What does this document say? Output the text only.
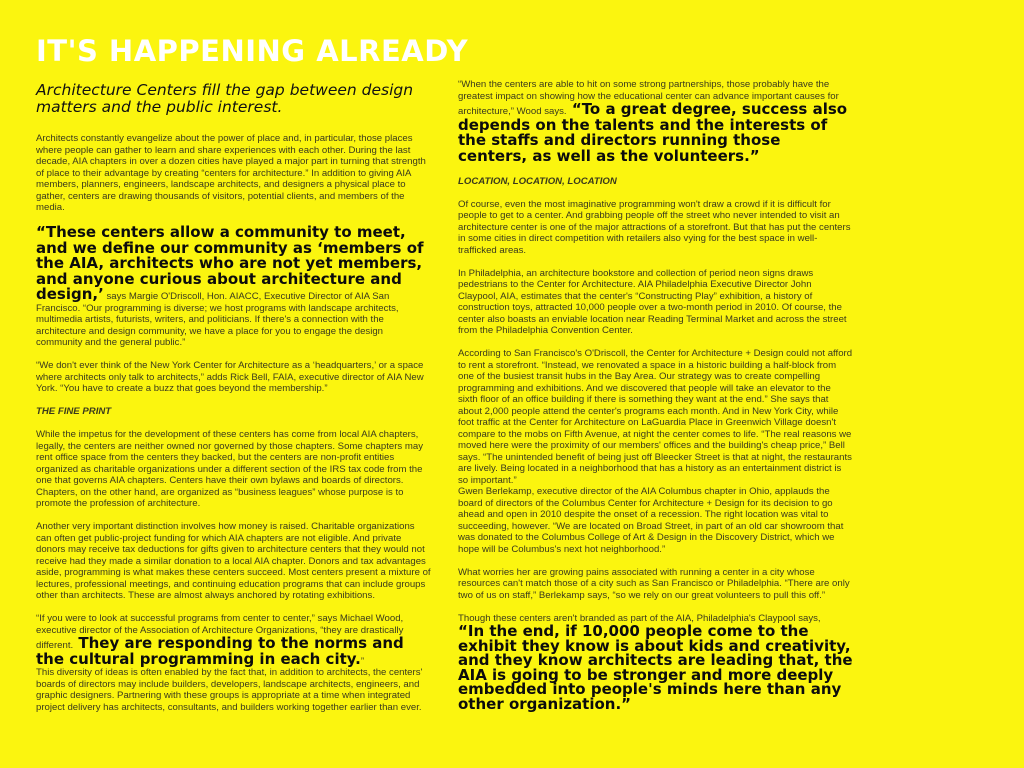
IT'S HAPPENING ALREADY
Architecture Centers fill the gap between design matters and the public interest.
Architects constantly evangelize about the power of place and, in particular, those places where people can gather to learn and share experiences with each other. During the last decade, AIA chapters in over a dozen cities have played a major part in turning that strength of place to their advantage by creating “centers for architecture.” In addition to giving AIA members, planners, engineers, landscape architects, and designers a physical place to gather, centers are drawing thousands of visitors, potential clients, and members of the media.
“These centers allow a community to meet, and we define our community as ‘members of the AIA, architects who are not yet members, and anyone curious about architecture and design,’ says Margie O'Driscoll, Hon. AIACC, Executive Director of AIA San Francisco. “Our programming is diverse; we host programs with landscape architects, multimedia artists, futurists, writers, and politicians. If there's a connection with the architecture and design community, we have a place for you to engage the design community and the general public.”
“We don't ever think of the New York Center for Architecture as a ‘headquarters,’ or a space where architects only talk to architects,” adds Rick Bell, FAIA, executive director of AIA New York. “You have to create a buzz that goes beyond the membership.”
THE FINE PRINT
While the impetus for the development of these centers has come from local AIA chapters, legally, the centers are neither owned nor governed by those chapters. Some chapters may rent office space from the centers they backed, but the centers are non-profit entities organized as charitable organizations under a different section of the IRS tax code from the one that governs AIA chapters. Centers have their own bylaws and boards of directors. Chapters, on the other hand, are organized as “business leagues” whose purpose is to promote the profession of architecture.
Another very important distinction involves how money is raised. Charitable organizations can often get public-project funding for which AIA chapters are not eligible. And private donors may receive tax deductions for gifts given to architecture centers that they would not receive had they made a similar donation to a local AIA chapter. Donors and tax advantages aside, programming is what makes these centers succeed. Most centers present a mixture of lectures, professional meetings, and continuing education programs that can include groups other than architects. These are almost always anchored by rotating exhibitions.
“If you were to look at successful programs from center to center,” says Michael Wood, executive director of the Association of Architecture Organizations, “they are drastically different. They are responding to the norms and the cultural programming in each city.”
This diversity of ideas is often enabled by the fact that, in addition to architects, the centers' boards of directors may include builders, developers, landscape architects, engineers, and graphic designers. Partnering with these groups is appropriate at a time when integrated project delivery has architects, consultants, and builders working together earlier than ever.
“When the centers are able to hit on some strong partnerships, those probably have the greatest impact on showing how the educational center can advance important causes for architecture,” Wood says. “To a great degree, success also depends on the talents and the interests of the staffs and directors running those centers, as well as the volunteers.”
LOCATION, LOCATION, LOCATION
Of course, even the most imaginative programming won't draw a crowd if it is difficult for people to get to a center. And grabbing people off the street who never intended to visit an architecture center is one of the major attractions of a storefront. But that has put the centers in some cities in direct competition with retailers also vying for the best space in well-trafficked areas.
In Philadelphia, an architecture bookstore and collection of period neon signs draws pedestrians to the Center for Architecture. AIA Philadelphia Executive Director John Claypool, AIA, estimates that the center's “Constructing Play” exhibition, a history of construction toys, attracted 10,000 people over a two-month period in 2010. Of course, the center also boasts an enviable location near Reading Terminal Market and across the street from the Philadelphia Convention Center.
According to San Francisco's O'Driscoll, the Center for Architecture + Design could not afford to rent a storefront. “Instead, we renovated a space in a historic building a half-block from one of the busiest transit hubs in the Bay Area. Our strategy was to create compelling programming and exhibitions. And we discovered that people will take an elevator to the sixth floor of an office building if there is something they want at the end.” She says that about 2,000 people attend the center's programs each month. And in New York City, while foot traffic at the Center for Architecture on LaGuardia Place in Greenwich Village doesn't compare to the mobs on Fifth Avenue, at night the center comes to life. “The real reasons we moved here were the proximity of our members' offices and the building's cheap price,” Bell says. “The unintended benefit of being just off Bleecker Street is that at night, the restaurants are lively. Being located in a neighborhood that has a history as an entertainment district is so important.”
Gwen Berlekamp, executive director of the AIA Columbus chapter in Ohio, applauds the board of directors of the Columbus Center for Architecture + Design for its decision to go ahead and open in 2010 despite the onset of a recession. The right location was vital to succeeding, however. “We are located on Broad Street, in part of an old car showroom that was donated to the Columbus College of Art & Design in the Discovery District, which we hope will be Columbus's next hot neighborhood.”
What worries her are growing pains associated with running a center in a city whose resources can't match those of a city such as San Francisco or Philadelphia. “There are only two of us on staff,” Berlekamp says, “so we rely on our great volunteers to pull this off.”
Though these centers aren't branded as part of the AIA, Philadelphia's Claypool says,
“In the end, if 10,000 people come to the exhibit they know is about kids and creativity, and they know architects are leading that, the AIA is going to be stronger and more deeply embedded into people's minds here than any other organization.”
